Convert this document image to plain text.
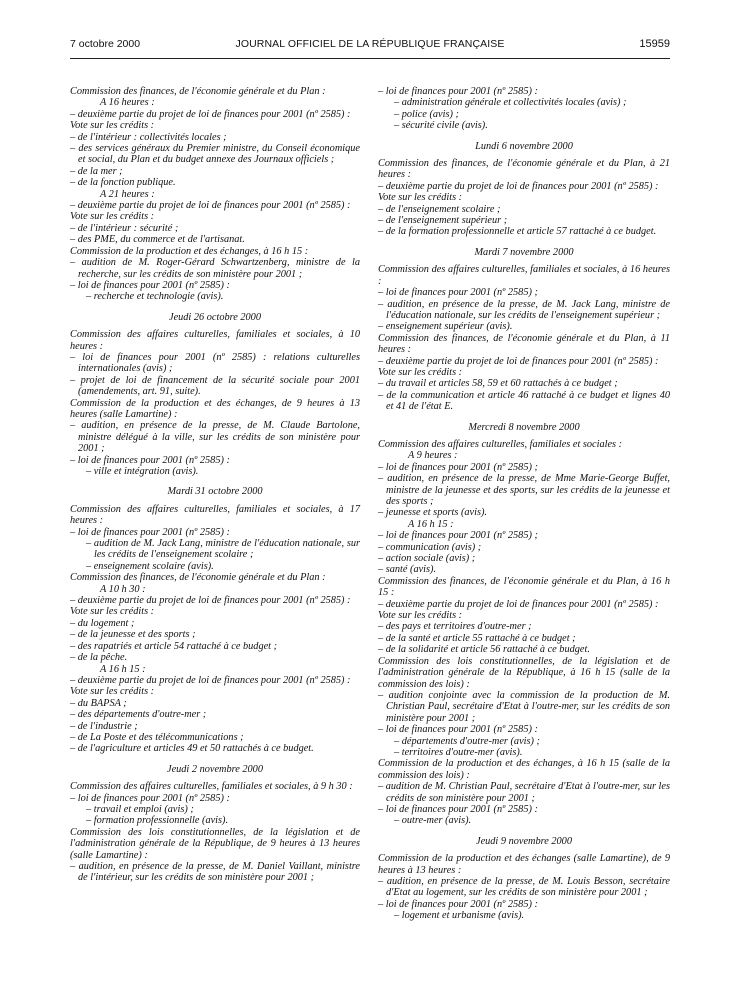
7 octobre 2000	JOURNAL OFFICIEL DE LA RÉPUBLIQUE FRANÇAISE	15959

Commission des finances, de l'économie générale et du Plan :

A 16 heures :

– deuxième partie du projet de loi de finances pour 2001 (nº 2585) :

Vote sur les crédits :

– de l'intérieur : collectivités locales ;

– des services généraux du Premier ministre, du Conseil économique et social, du Plan et du budget annexe des Journaux officiels ;

– de la mer ;

– de la fonction publique.

A 21 heures :

– deuxième partie du projet de loi de finances pour 2001 (nº 2585) :

Vote sur les crédits :

– de l'intérieur : sécurité ;

– des PME, du commerce et de l'artisanat.

Commission de la production et des échanges, à 16 h 15 :

– audition de M. Roger-Gérard Schwartzenberg, ministre de la recherche, sur les crédits de son ministère pour 2001 ;

– loi de finances pour 2001 (nº 2585) :

– recherche et technologie (avis).

Jeudi 26 octobre 2000

Commission des affaires culturelles, familiales et sociales, à 10 heures :

– loi de finances pour 2001 (nº 2585) : relations culturelles internationales (avis) ;

– projet de loi de financement de la sécurité sociale pour 2001 (amendements, art. 91, suite).

Commission de la production et des échanges, de 9 heures à 13 heures (salle Lamartine) :

– audition, en présence de la presse, de M. Claude Bartolone, ministre délégué à la ville, sur les crédits de son ministère pour 2001 ;

– loi de finances pour 2001 (nº 2585) :

– ville et intégration (avis).

Mardi 31 octobre 2000

Commission des affaires culturelles, familiales et sociales, à 17 heures :

– loi de finances pour 2001 (nº 2585) :

– audition de M. Jack Lang, ministre de l'éducation nationale, sur les crédits de l'enseignement scolaire ;

– enseignement scolaire (avis).

Commission des finances, de l'économie générale et du Plan :

A 10 h 30 :

– deuxième partie du projet de loi de finances pour 2001 (nº 2585) :

Vote sur les crédits :

– du logement ;

– de la jeunesse et des sports ;

– des rapatriés et article 54 rattaché à ce budget ;

– de la pêche.

A 16 h 15 :

– deuxième partie du projet de loi de finances pour 2001 (nº 2585) :

Vote sur les crédits :

– du BAPSA ;

– des départements d'outre-mer ;

– de l'industrie ;

– de La Poste et des télécommunications ;

– de l'agriculture et articles 49 et 50 rattachés à ce budget.

Jeudi 2 novembre 2000

Commission des affaires culturelles, familiales et sociales, à 9 h 30 :

– loi de finances pour 2001 (nº 2585) :

– travail et emploi (avis) ;

– formation professionnelle (avis).

Commission des lois constitutionnelles, de la législation et de l'administration générale de la République, de 9 heures à 13 heures (salle Lamartine) :

– audition, en présence de la presse, de M. Daniel Vaillant, ministre de l'intérieur, sur les crédits de son ministère pour 2001 ;

– loi de finances pour 2001 (nº 2585) :

– administration générale et collectivités locales (avis) ;

– police (avis) ;

– sécurité civile (avis).

Lundi 6 novembre 2000

Commission des finances, de l'économie générale et du Plan, à 21 heures :

– deuxième partie du projet de loi de finances pour 2001 (nº 2585) :

Vote sur les crédits :

– de l'enseignement scolaire ;

– de l'enseignement supérieur ;

– de la formation professionnelle et article 57 rattaché à ce budget.

Mardi 7 novembre 2000

Commission des affaires culturelles, familiales et sociales, à 16 heures :

– loi de finances pour 2001 (nº 2585) ;

– audition, en présence de la presse, de M. Jack Lang, ministre de l'éducation nationale, sur les crédits de l'enseignement supérieur ;

– enseignement supérieur (avis).

Commission des finances, de l'économie générale et du Plan, à 11 heures :

– deuxième partie du projet de loi de finances pour 2001 (nº 2585) :

Vote sur les crédits :

– du travail et articles 58, 59 et 60 rattachés à ce budget ;

– de la communication et article 46 rattaché à ce budget et lignes 40 et 41 de l'état E.

Mercredi 8 novembre 2000

Commission des affaires culturelles, familiales et sociales :

A 9 heures :

– loi de finances pour 2001 (nº 2585) ;

– audition, en présence de la presse, de Mme Marie-George Buffet, ministre de la jeunesse et des sports, sur les crédits de la jeunesse et des sports ;

– jeunesse et sports (avis).

A 16 h 15 :

– loi de finances pour 2001 (nº 2585) ;

– communication (avis) ;

– action sociale (avis) ;

– santé (avis).

Commission des finances, de l'économie générale et du Plan, à 16 h 15 :

– deuxième partie du projet de loi de finances pour 2001 (nº 2585) :

Vote sur les crédits :

– des pays et territoires d'outre-mer ;

– de la santé et article 55 rattaché à ce budget ;

– de la solidarité et article 56 rattaché à ce budget.

Commission des lois constitutionnelles, de la législation et de l'administration générale de la République, à 16 h 15 (salle de la commission des lois) :

– audition conjointe avec la commission de la production de M. Christian Paul, secrétaire d'Etat à l'outre-mer, sur les crédits de son ministère pour 2001 ;

– loi de finances pour 2001 (nº 2585) :

– départements d'outre-mer (avis) ;

– territoires d'outre-mer (avis).

Commission de la production et des échanges, à 16 h 15 (salle de la commission des lois) :

– audition de M. Christian Paul, secrétaire d'Etat à l'outre-mer, sur les crédits de son ministère pour 2001 ;

– loi de finances pour 2001 (nº 2585) :

– outre-mer (avis).

Jeudi 9 novembre 2000

Commission de la production et des échanges (salle Lamartine), de 9 heures à 13 heures :

– audition, en présence de la presse, de M. Louis Besson, secrétaire d'Etat au logement, sur les crédits de son ministère pour 2001 ;

– loi de finances pour 2001 (nº 2585) :

– logement et urbanisme (avis).
